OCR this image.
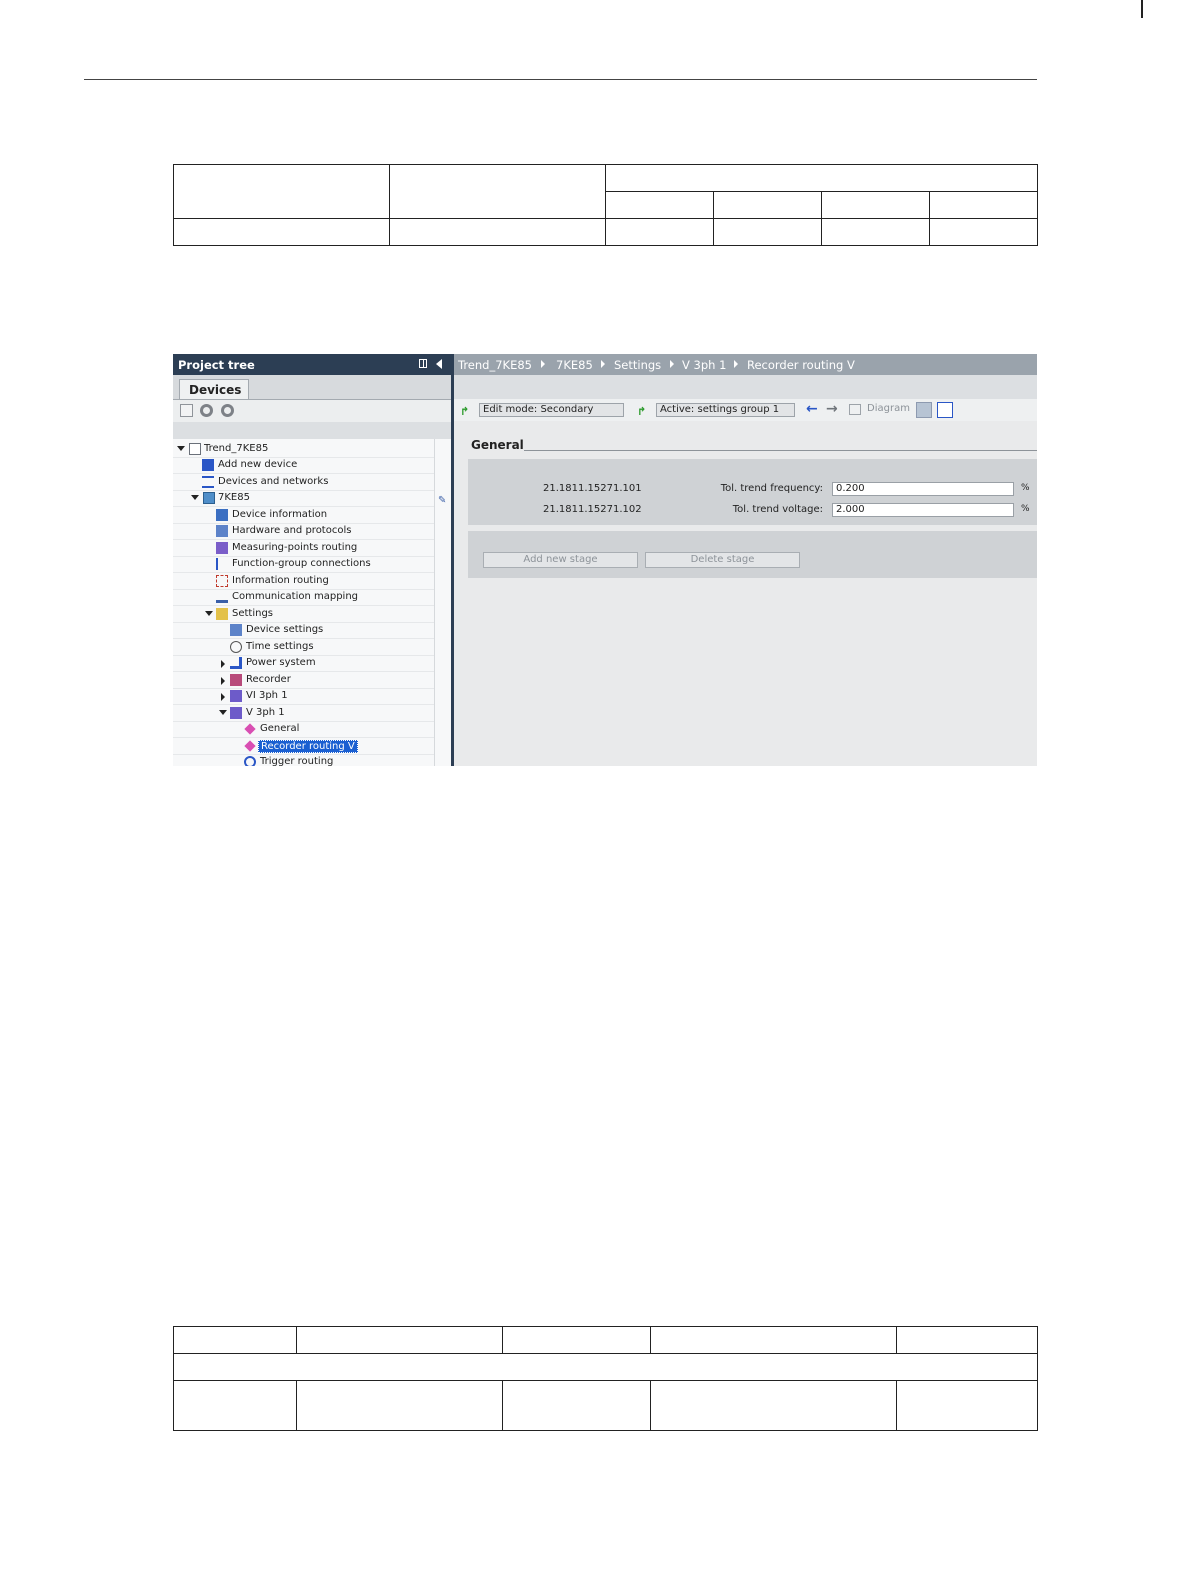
Project tree	Trend_7KE85 7KE85 Settings V 3ph 1 Recorder routing V
Devices
Trend_7KE85
Add new device
Devices and networks
7KE85
Device information
Hardware and protocols
Measuring-points routing
Function-group connections
Information routing
Communication mapping
Settings
Device settings
Time settings
Power system
Recorder
VI 3ph 1
V 3ph 1
General
Recorder routing V
Trigger routing
✎
↱ Edit mode: Secondary	↱ Active: settings group 1 ← →	Diagram
General
21.1811.15271.101	Tol. trend frequency: 0.200	%
21.1811.15271.102	Tol. trend voltage: 2.000	%
Add new stage	Delete stage
